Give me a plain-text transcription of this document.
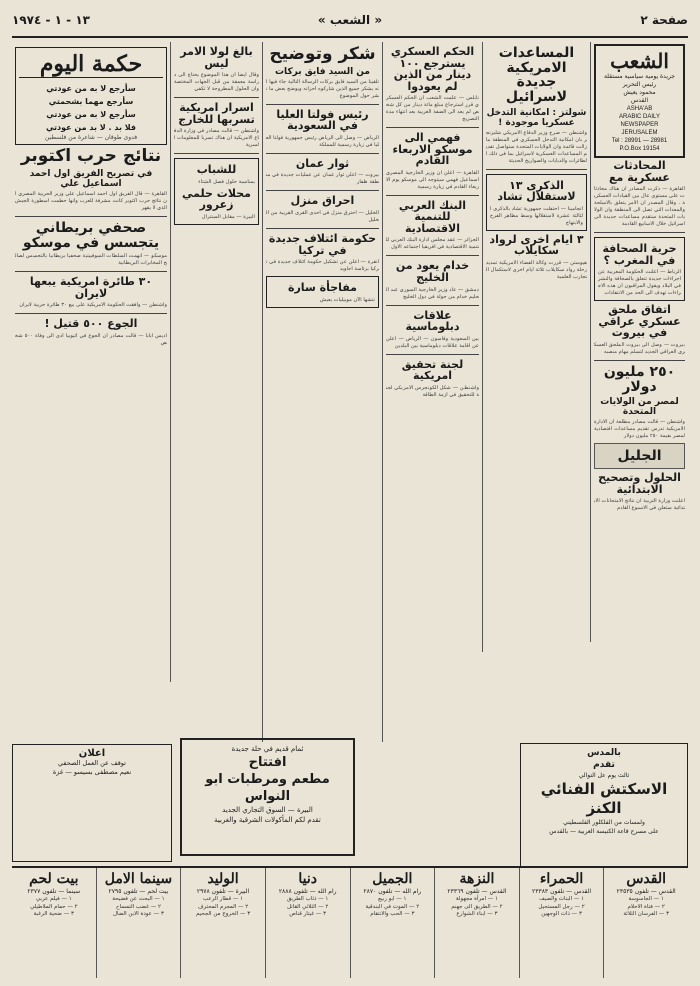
صفحة ٢
« الشعب »
١٣ - ١ - ١٩٧٤
الشعب
جريدة يومية سياسية مستقلة
رئيس التحرير
محمود يعيش
القدس
ASHA'AB
ARABIC DAILY
NEWSPAPER
JERUSALEM
Tel : 28991 — 28981
P.O.Box 19154
المحادثات عسكرية مع
القاهرة — ذكرت المصادر ان هناك محادثات على مستوى عال بين القيادات العسكرية . وقال المصدر ان الامر يتعلق بالاسلحة والمعدات التي تصل الى المنطقة وان الولايات المتحدة ستقدم مساعدات جديدة الى اسرائيل خلال الاسابيع القادمة
حرية الصحافة في المغرب ؟
الرباط — اعلنت الحكومة المغربية عن اجراءات جديدة تتعلق بالصحافة والنشر في البلاد ويقول المراقبون ان هذه الاجراءات تهدف الى الحد من الانتقادات
اتفاق ملحق عسكري عراقي في بيروت
بيروت — وصل الى بيروت الملحق العسكري العراقي الجديد لتسلم مهام منصبه
٢٥٠ مليون دولار
لمصر من الولايات المتحدة
واشنطن — قالت مصادر مطلعة ان الادارة الامريكية تدرس تقديم مساعدات اقتصادية لمصر بقيمة ٢٥٠ مليون دولار
الجليل
الحلول وتصحيح الابتدائية
اعلنت وزارة التربية ان نتائج الامتحانات الابتدائية ستعلن في الاسبوع القادم
المساعدات الامريكية جديدة لاسرائيل
شولتز : امكانية التدخل عسكريا موجودة !
واشنطن — صرح وزير الدفاع الامريكي شليزنجر بان امكانية التدخل العسكري في المنطقة ما زالت قائمة وان الولايات المتحدة ستواصل تقديم المساعدات العسكرية لاسرائيل بما في ذلك الطائرات والدبابات والصواريخ الحديثة
الذكرى ١٣ لاستقلال تشاد
انجامينا — احتفلت جمهورية تشاد بالذكرى الثالثة عشرة لاستقلالها وسط مظاهر الفرح والابتهاج
٣ ايام اخرى لرواد سكايلاب
هيوستن — قررت وكالة الفضاء الامريكية تمديد رحلة رواد سكايلاب ثلاثة ايام اخرى لاستكمال التجارب العلمية
الحكم العسكري يسترجع ١٠٠ دينار من الذين لم يعودوا
نابلس — علمت الشعب ان الحكم العسكري قرر استرجاع مبلغ مائة دينار من كل شخص لم يعد الى الضفة الغربية بعد انتهاء مدة التصريح
فهمي الى موسكو الاربعاء القادم
القاهرة — اعلن ان وزير الخارجية المصري اسماعيل فهمي سيتوجه الى موسكو يوم الاربعاء القادم في زيارة رسمية
البنك العربي للتنمية الاقتصادية
الجزائر — عقد مجلس ادارة البنك العربي للتنمية الاقتصادية في افريقيا اجتماعه الاول
خدام يعود من الخليج
دمشق — عاد وزير الخارجية السوري عبد الحليم خدام من جولة في دول الخليج
علاقات دبلوماسية
بين السعودية وفاسون — الرياض — اعلن عن اقامة علاقات دبلوماسية بين البلدين
لجنة تحقيق امريكية
واشنطن — شكل الكونجرس الامريكي لجنة للتحقيق في ازمة الطاقة
شكر وتوضيح
من السيد فايق بركات
تلقينا من السيد فايق بركات الرسالة التالية جاء فيها انه يشكر جميع الذين شاركوه احزانه ويوضح بعض ما نشر حول الموضوع
رئيس فولتا العليا في السعودية
الرياض — وصل الى الرياض رئيس جمهورية فولتا العليا في زيارة رسمية للمملكة
ثوار عمان
بيروت — اعلن ثوار عمان عن عمليات جديدة في منطقة ظفار
احراق منزل
الخليل — احترق منزل في احدى القرى القريبة من الخليل
حكومة ائتلاف جديدة في تركيا
انقرة — اعلن عن تشكيل حكومة ائتلاف جديدة في تركيا برئاسة اجاويد
مفاجأة سارة
نتشها الآن موبيليات يعيش
بالغ لولا الامر ليس
وقال ايضا ان هذا الموضوع يحتاج الى دراسة معمقة من قبل الجهات المختصة وان الحلول المطروحة لا تكفي
اسرار امريكية تسربها للخارج
واشنطن — قالت مصادر في وزارة الدفاع الامريكية ان هناك تسربا للمعلومات السرية
للشباب
بمناسبة حلول فصل الشتاء
محلات حلمي زعرور
البيرة — مقابل السنترال
حكمة اليوم
سأرجع لا به من عودتي
سأرجع مهما بشحمتي
سأرجع لا به من عودتي
فلا بد . لا بد من عودتي
فدوى طوقان — شاعرة من فلسطين
نتائج حرب اكتوبر
في تصريح الفريق اول احمد اسماعيل علي
القاهرة — قال الفريق اول احمد اسماعيل علي وزير الحربية المصري ان نتائج حرب اكتوبر كانت مشرفة للعرب وانها حطمت اسطورة الجيش الذي لا يقهر
صحفي بريطاني يتجسس في موسكو
موسكو — اتهمت السلطات السوفييتية صحفيا بريطانيا بالتجسس لصالح المخابرات البريطانية
٣٠ طائرة امريكية يبعها لايران
واشنطن — وافقت الحكومة الامريكية على بيع ٣٠ طائرة حربية لايران
الجوع ٥٠٠ قتيل !
اديس ابابا — قالت مصادر ان الجوع في اثيوبيا ادى الى وفاة ٥٠٠ شخص
بالمدس
تقدم
ثالث يوم عل التوالي
الاسكتش الفنائي
الكنز
ولمسات من الفلكلور الفلسطيني
على مسرح قاعة الكنيسة العربية — بالقدس
ئمام قديم في حلة جديدة
افتتاح
مطعم ومرطبات ابو النواس
البيرة — السوق التجاري الجديد
تقدم لكم المأكولات الشرقية والغربية
اعلان
توقف عن العمل الصحفي
نعيم مصطفى بسيسو — غزة
القدس
القدس — تلفون ٢٣٥٣٥
١ — الجاسوسة
٢ — فتاة الاحلام
٣ — الفرسان الثلاثة
الحمراء
القدس — تلفون ٢٣٣٨٣
١ — البنات والصيف
٢ — رجل المستحيل
٣ — ذات الوجهين
النزهة
القدس — تلفون ٢٣٣٦٩
١ — امرأة مجهولة
٢ — الطريق الى جهنم
٣ — ابناء الشوارع
الجميل
رام الله — تلفون ٢٨٧٠
١ — ابو ربيع
٢ — الموت في البندقية
٣ — الحب والانتقام
دنيا
رام الله — تلفون ٢٨٨٨
١ — ذئاب الطريق
٢ — الثلاثي القاتل
٣ — غيتار قناص
الوليد
البيرة — تلفون ٢٩٧٨
١ — قطار الرعب
٢ — المجرم المحترف
٣ — الخروج من الجحيم
سينما الامل
بيت لحم — تلفون ٢٧٩٥
١ — البحث عن فضيحة
٢ — غضب التمساح
٣ — عودة الابن الضال
بيت لحم
سينما — تلفون ٢٣٧٧
١ — فيلم عربي
٢ — حمام الملاطيلي
٣ — ضحية الرغبة
